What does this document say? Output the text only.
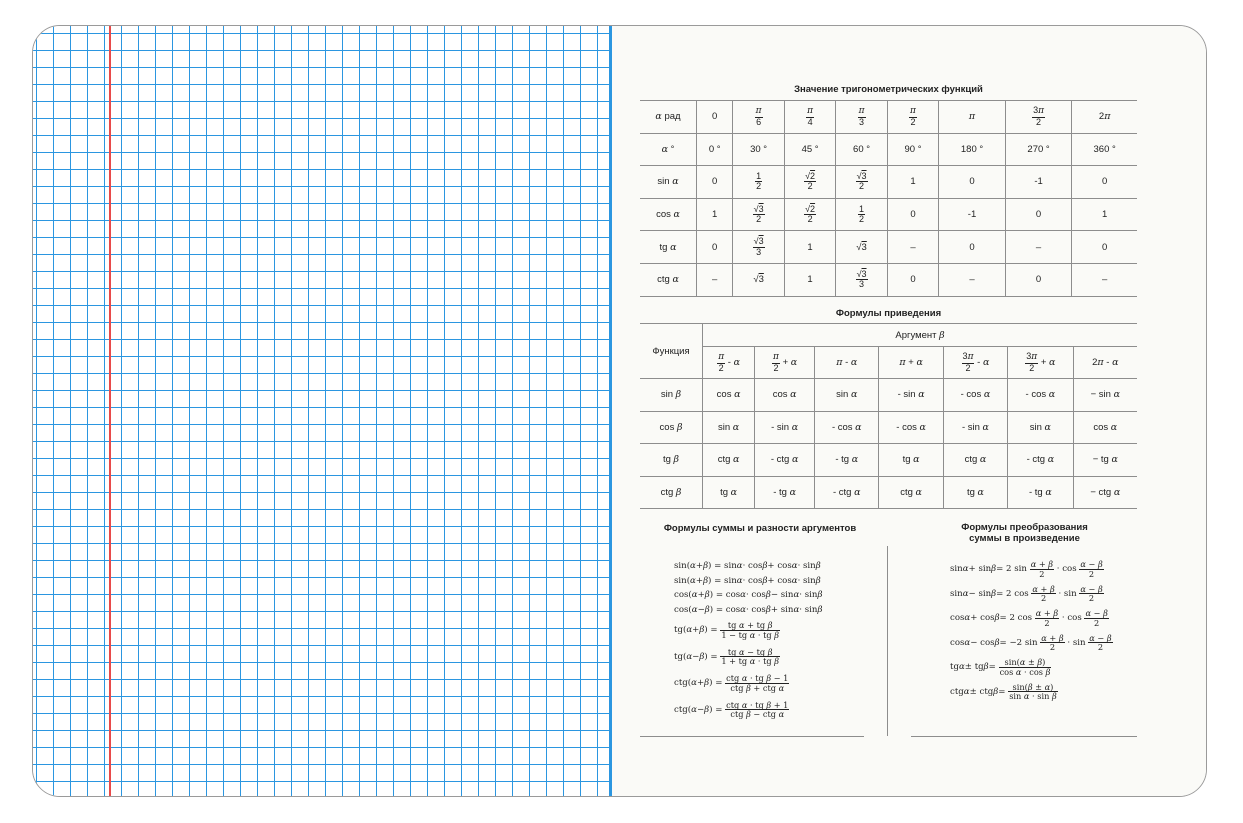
Значение тригонометрических функций
α рад	0	$\frac{\pi}{6}$	$\frac{\pi}{4}$	$\frac{\pi}{3}$	$\frac{\pi}{2}$	π	$\frac{3\pi}{2}$	2π
α °	0 °	30 °	45 °	60 °	90 °	180 °	270 °	360 °
sin α	0	$\frac{1}{2}$	$\frac{√2}{2}$	$\frac{√3}{2}$	1	0	-1	0
cos α	1	$\frac{√3}{2}$	$\frac{√2}{2}$	$\frac{1}{2}$	0	-1	0	1
tg α	0	$\frac{√3}{3}$	1	√3	–	0	–	0
ctg α	–	√3	1	$\frac{√3}{3}$	0	–	0	–
Формулы приведения
Функция	Аргумент β						

	$\frac{\pi}{2}$ - α	$\frac{\pi}{2} + \alpha$	π - α	π + α	$\frac{3\pi}{2}$ - α	$\frac{3\pi}{2} + \alpha$	2π - α
sin β	cos α	cos α	sin α	- sin α	- cos α	- cos α	− sin α
cos β	sin α	- sin α	- cos α	- cos α	- sin α	sin α	cos α
tg β	ctg α	- ctg α	- tg α	tg α	ctg α	- ctg α	− tg α
ctg β	tg α	- tg α	- ctg α	ctg α	tg α	- tg α	− ctg α
Формулы суммы и разности аргументов
sin( α + β ) = sin α · cos β + cos α · sin β
sin( α + β ) = sin α · cos β + cos α · sin β
cos( α + β ) = cos α · cos β − sin α · sin β
cos( α − β ) = cos α · cos β + sin α · sin β
tg( α + β ) = $\frac{\text{tg α + tg β}}{\text{1 − tg α · tg β}}$
tg( α − β ) = $\frac{\text{tg α − tg β}}{\text{1 + tg α · tg β}}$
ctg( α + β ) = $\frac{\text{ctg α · tg β − 1}}{\text{ctg β + ctg α}}$
ctg( α − β ) = $\frac{\text{ctg α · tg β + 1}}{\text{ctg β − ctg α}}$
Формулы преобразования
суммы в произведение
sin α + sin β = 2 $\sin \frac{\alpha + \beta}{2} \cdot \cos \frac{\alpha - \beta}{2}$
sin α − sin β = 2 $\cos \frac{\alpha + \beta}{2} \cdot \sin \frac{\alpha - \beta}{2}$
cos α + cos β = 2 $\cos \frac{\alpha + \beta}{2} \cdot \cos \frac{\alpha - \beta}{2}$
cos α − cos β = −2 $\sin \frac{\alpha + \beta}{2} \cdot \sin \frac{\alpha - \beta}{2}$
tg α ± tg $\beta = \frac{\sin(\alpha \pm \beta)}{\text{cos α · cos β}}$
ctg α ± ctg $\beta = \frac{\sin(\beta \pm \alpha)}{\text{sin α · sin β}}$
